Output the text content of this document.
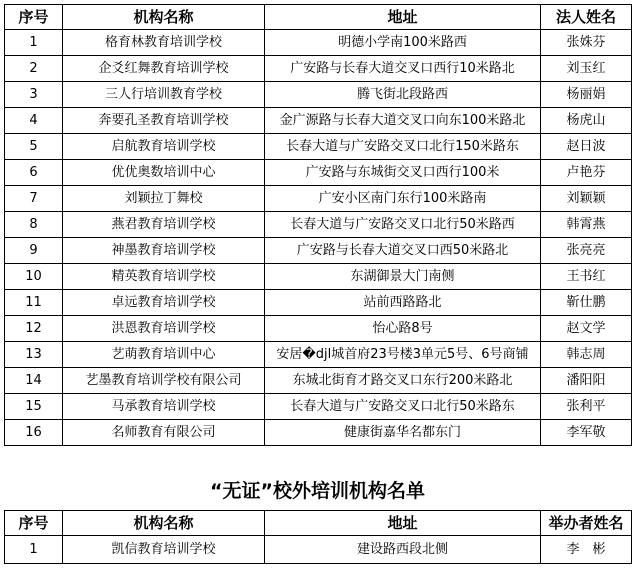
序号	机构名称	地址	法人姓名
1	格育林教育培训学校	明德小学南100米路西	张姝芬
2	企爻红舞教育培训学校	广安路与长春大道交叉口西行10米路北	刘玉红
3	三人行培训教育学校	腾飞街北段路西	杨丽娟
4	奔要孔圣教育培训学校	金广源路与长春大道交叉口向东100米路北	杨虎山
5	启航教育培训学校	长春大道与广安路交叉口北行150米路东	赵日波
6	优优奥数培训中心	广安路与东城街交叉口西行100米	卢艳芬
7	刘颖拉丁舞校	广安小区南门东行100米路南	刘颖颖
8	燕君教育培训学校	长春大道与广安路交叉口北行50米路西	韩霄燕
9	神墨教育培训学校	广安路与长春大道交叉口西50米路北	张亮亮
10	精英教育培训学校	东湖御景大门南侧	王书红
11	卓远教育培训学校	站前西路路北	靳仕鹏
12	洪恩教育培训学校	怡心路8号	赵文学
13	艺萌教育培训中心	安居�djl城首府23号楼3单元5号、6号商铺	韩志周
14	艺墨教育培训学校有限公司	东城北街育才路交叉口东行200米路北	潘阳阳
15	马承教育培训学校	长春大道与广安路交叉口北行50米路东	张利平
16	名师教育有限公司	健康街嘉华名都东门	李军敬
“无证”校外培训机构名单
序号	机构名称	地址	举办者姓名
1	凯信教育培训学校	建设路西段北侧	李　彬
